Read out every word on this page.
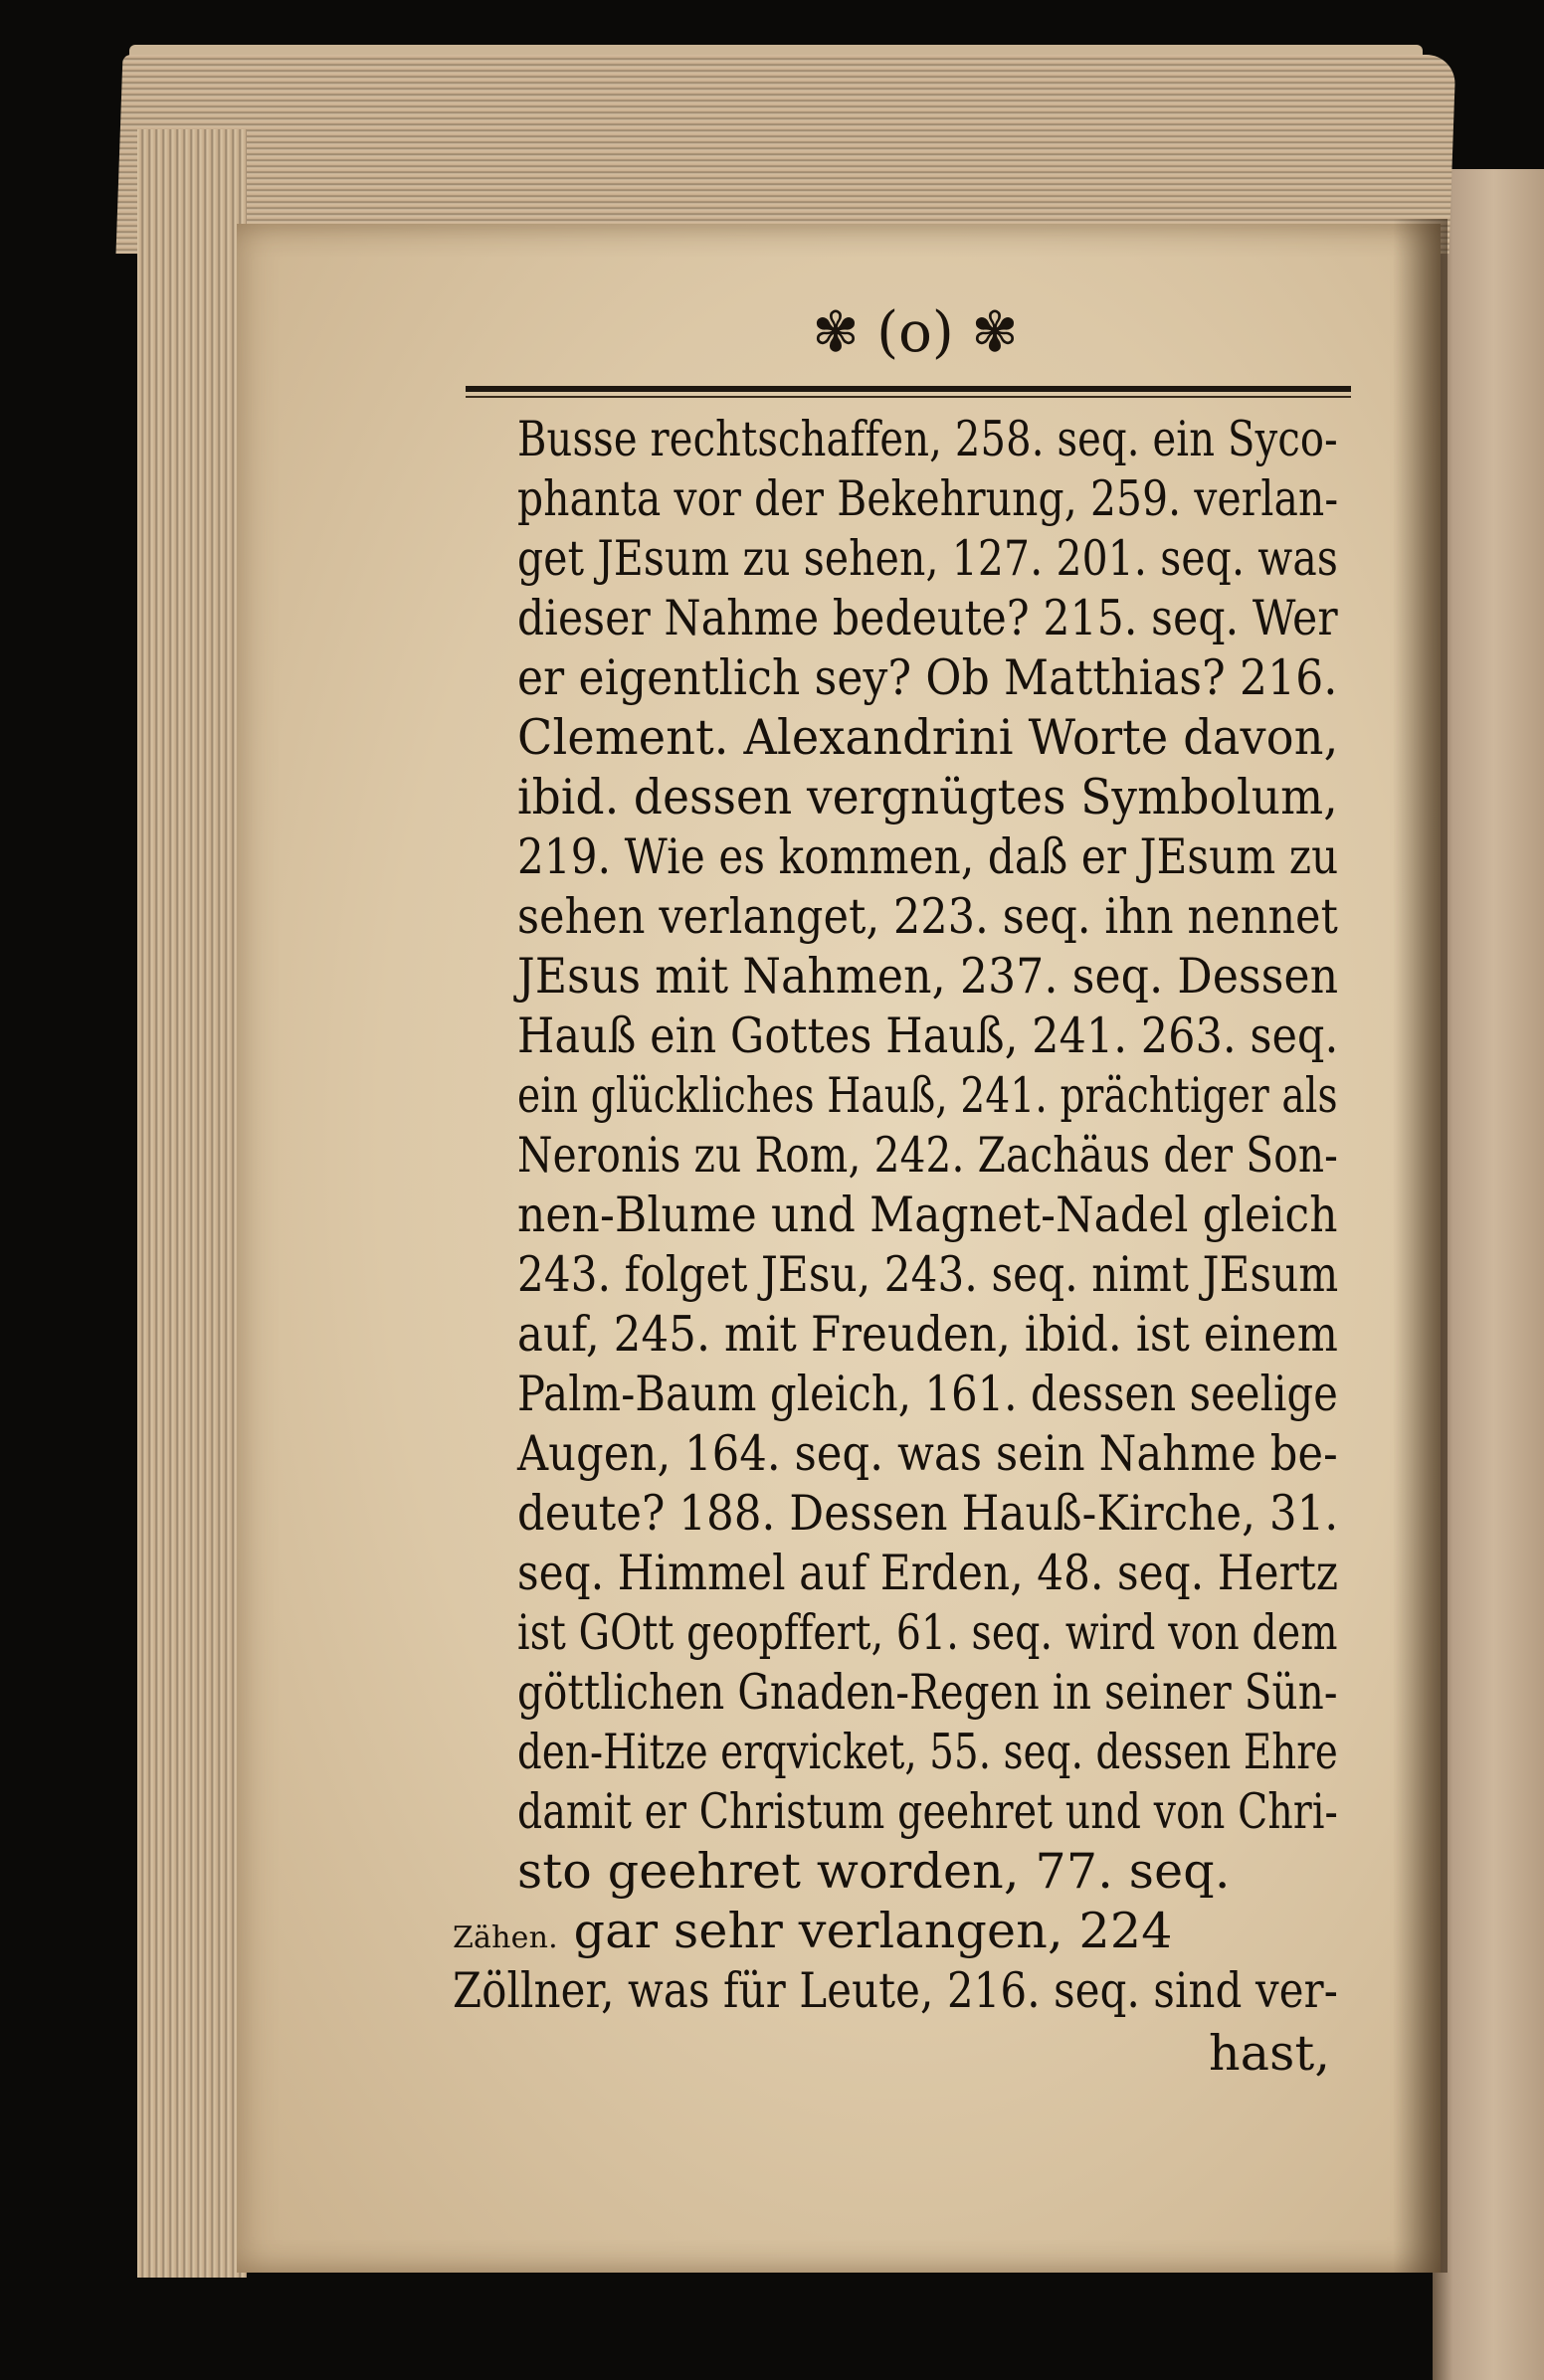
✾ (o) ✾
Busse rechtschaffen, 258. seq. ein Syco-
phanta vor der Bekehrung, 259. verlan-
get JEsum zu sehen, 127. 201. seq. was
dieser Nahme bedeute? 215. seq. Wer
er eigentlich sey? Ob Matthias? 216.
Clement. Alexandrini Worte davon,
ibid. dessen vergnügtes Symbolum,
219. Wie es kommen, daß er JEsum zu
sehen verlanget, 223. seq. ihn nennet
JEsus mit Nahmen, 237. seq. Dessen
Hauß ein Gottes Hauß, 241. 263. seq.
ein glückliches Hauß, 241. prächtiger als
Neronis zu Rom, 242. Zachäus der Son-
nen-Blume und Magnet-Nadel gleich
243. folget JEsu, 243. seq. nimt JEsum
auf, 245. mit Freuden, ibid. ist einem
Palm-Baum gleich, 161. dessen seelige
Augen, 164. seq. was sein Nahme be-
deute? 188. Dessen Hauß-Kirche, 31.
seq. Himmel auf Erden, 48. seq. Hertz
ist GOtt geopffert, 61. seq. wird von dem
göttlichen Gnaden-Regen in seiner Sün-
den-Hitze erqvicket, 55. seq. dessen Ehre
damit er Christum geehret und von Chri-
sto geehret worden, 77. seq.
Zähen. gar sehr verlangen, 224
Zöllner, was für Leute, 216. seq. sind ver-
hast,
